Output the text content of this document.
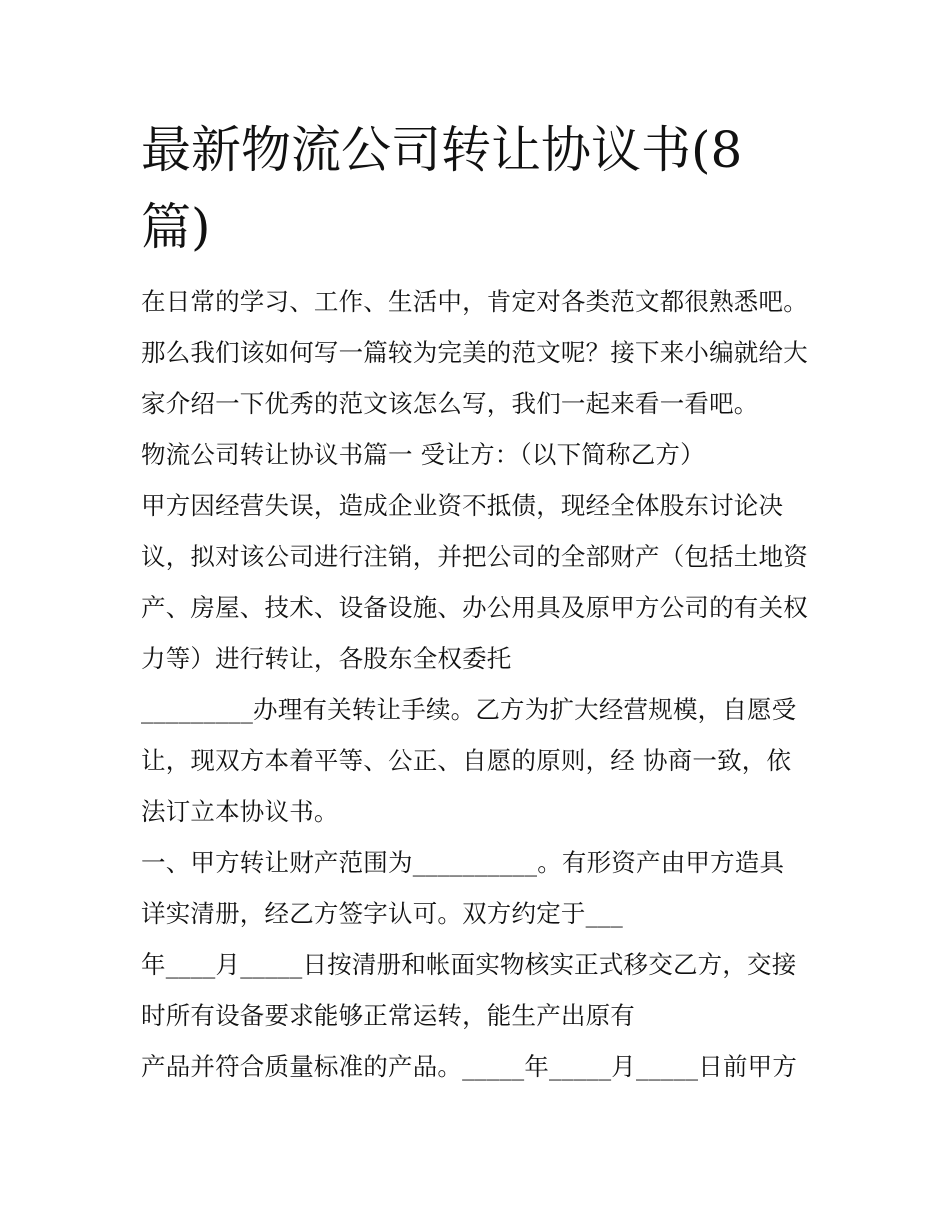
最新物流公司转让协议书(8
篇)
在日常的学习、工作、生活中，肯定对各类范文都很熟悉吧。
那么我们该如何写一篇较为完美的范文呢？接下来小编就给大
家介绍一下优秀的范文该怎么写，我们一起来看一看吧。
物流公司转让协议书篇一 受让方：（以下简称乙方）
甲方因经营失误，造成企业资不抵债，现经全体股东讨论决
议，拟对该公司进行注销，并把公司的全部财产（包括土地资
产、房屋、技术、设备设施、办公用具及原甲方公司的有关权
力等）进行转让，各股东全权委托
_________办理有关转让手续。乙方为扩大经营规模，自愿受
让，现双方本着平等、公正、自愿的原则，经 协商一致，依
法订立本协议书。
一、甲方转让财产范围为__________。有形资产由甲方造具
详实清册，经乙方签字认可。双方约定于___
年____月_____日按清册和帐面实物核实正式移交乙方，交接
时所有设备要求能够正常运转，能生产出原有
产品并符合质量标准的产品。_____年_____月_____日前甲方
